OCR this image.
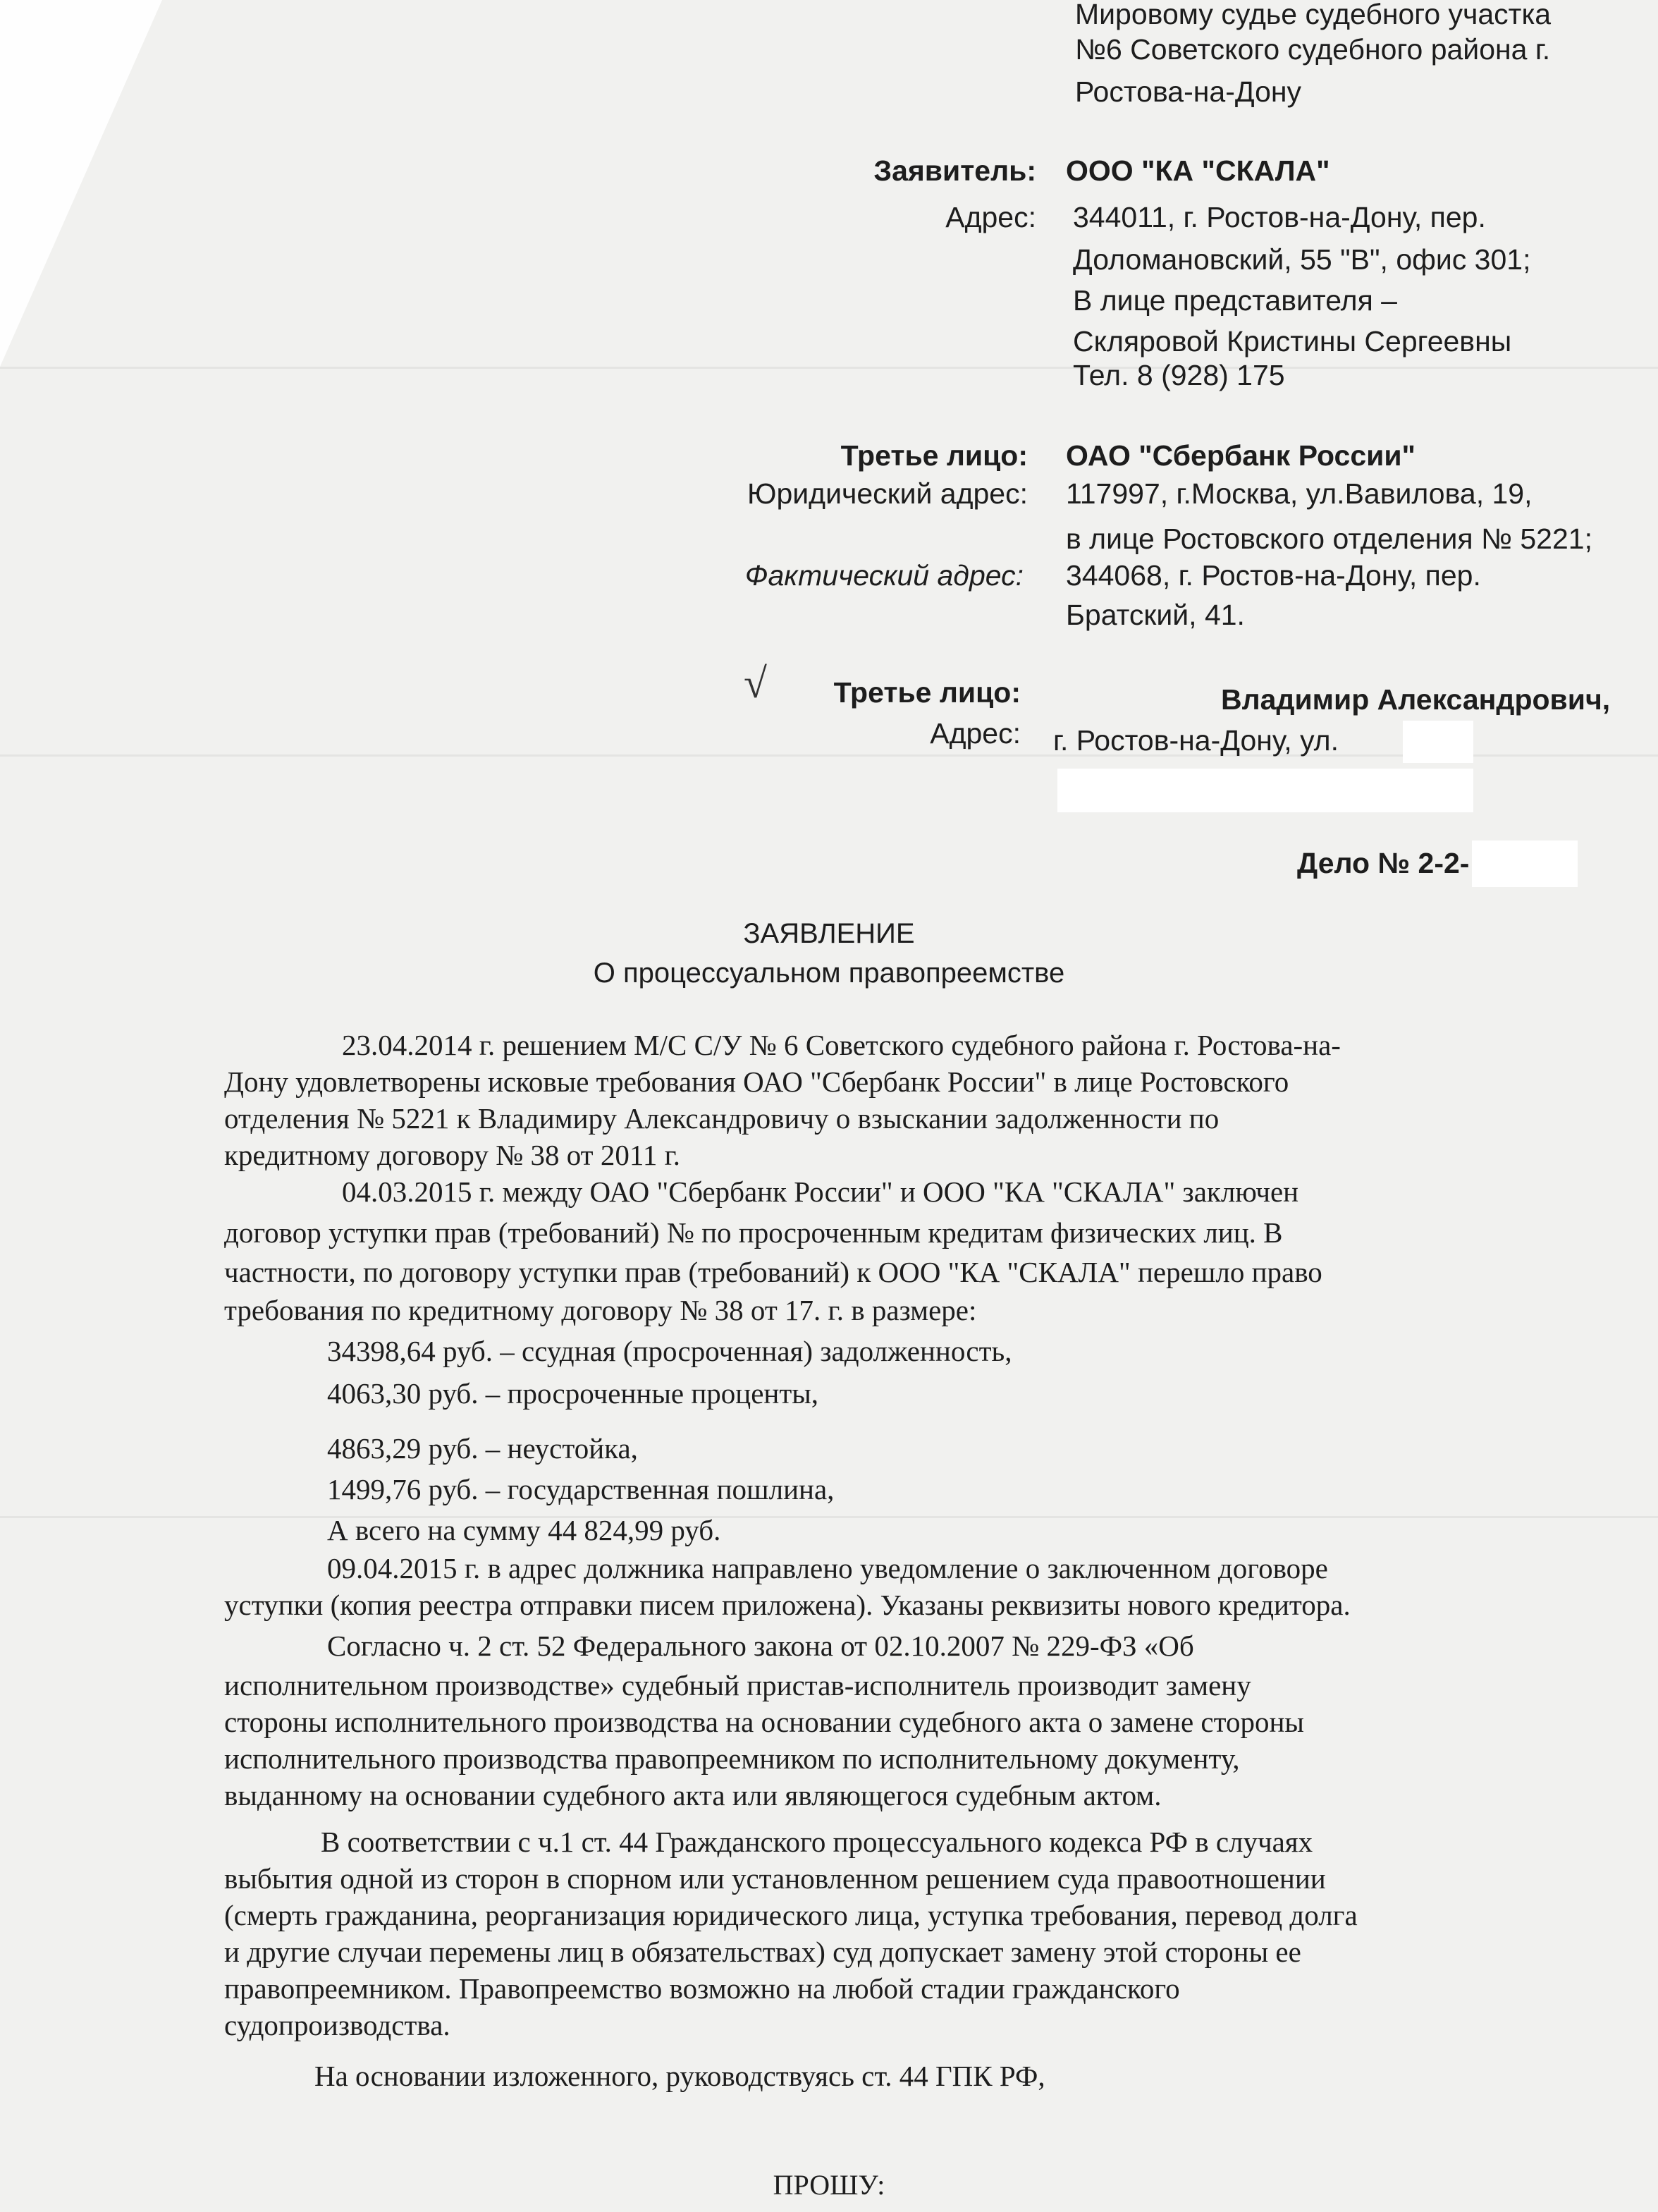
Мировому судье судебного участка
№6 Советского судебного района г.
Ростова-на-Дону
Заявитель: ООО "КА "СКАЛА"
Адрес: 344011, г. Ростов-на-Дону, пер.
Доломановский, 55 "В", офис 301;
В лице представителя –
Скляровой Кристины Сергеевны
Тел. 8 (928) 175
Третье лицо: ОАО "Сбербанк России"
Юридический адрес: 117997, г.Москва, ул.Вавилова, 19,
в лице Ростовского отделения № 5221;
Фактический адрес: 344068, г. Ростов-на-Дону, пер.
Братский, 41.
√	Третье лицо:	Владимир Александрович,
Адрес: г. Ростов-на-Дону, ул.
Дело № 2-2-
ЗАЯВЛЕНИЕ
О процессуальном правопреемстве
23.04.2014 г. решением М/С С/У № 6 Советского судебного района г. Ростова-на-
Дону удовлетворены исковые требования ОАО "Сбербанк России" в лице Ростовского
отделения № 5221 к Владимиру Александровичу о взыскании задолженности по
кредитному договору № 38 от 2011 г.
04.03.2015 г. между ОАО "Сбербанк России" и ООО "КА "СКАЛА" заключен
договор уступки прав (требований) № по просроченным кредитам физических лиц. В
частности, по договору уступки прав (требований) к ООО "КА "СКАЛА" перешло право
требования по кредитному договору № 38 от 17. г. в размере:
34398,64 руб. – ссудная (просроченная) задолженность,
4063,30 руб. – просроченные проценты,
4863,29 руб. – неустойка,
1499,76 руб. – государственная пошлина,
А всего на сумму 44 824,99 руб.
09.04.2015 г. в адрес должника направлено уведомление о заключенном договоре
уступки (копия реестра отправки писем приложена). Указаны реквизиты нового кредитора.
Согласно ч. 2 ст. 52 Федерального закона от 02.10.2007 № 229-ФЗ «Об
исполнительном производстве» судебный пристав-исполнитель производит замену
стороны исполнительного производства на основании судебного акта о замене стороны
исполнительного производства правопреемником по исполнительному документу,
выданному на основании судебного акта или являющегося судебным актом.
В соответствии с ч.1 ст. 44 Гражданского процессуального кодекса РФ в случаях
выбытия одной из сторон в спорном или установленном решением суда правоотношении
(смерть гражданина, реорганизация юридического лица, уступка требования, перевод долга
и другие случаи перемены лиц в обязательствах) суд допускает замену этой стороны ее
правопреемником. Правопреемство возможно на любой стадии гражданского
судопроизводства.
На основании изложенного, руководствуясь ст. 44 ГПК РФ,
ПРОШУ:
